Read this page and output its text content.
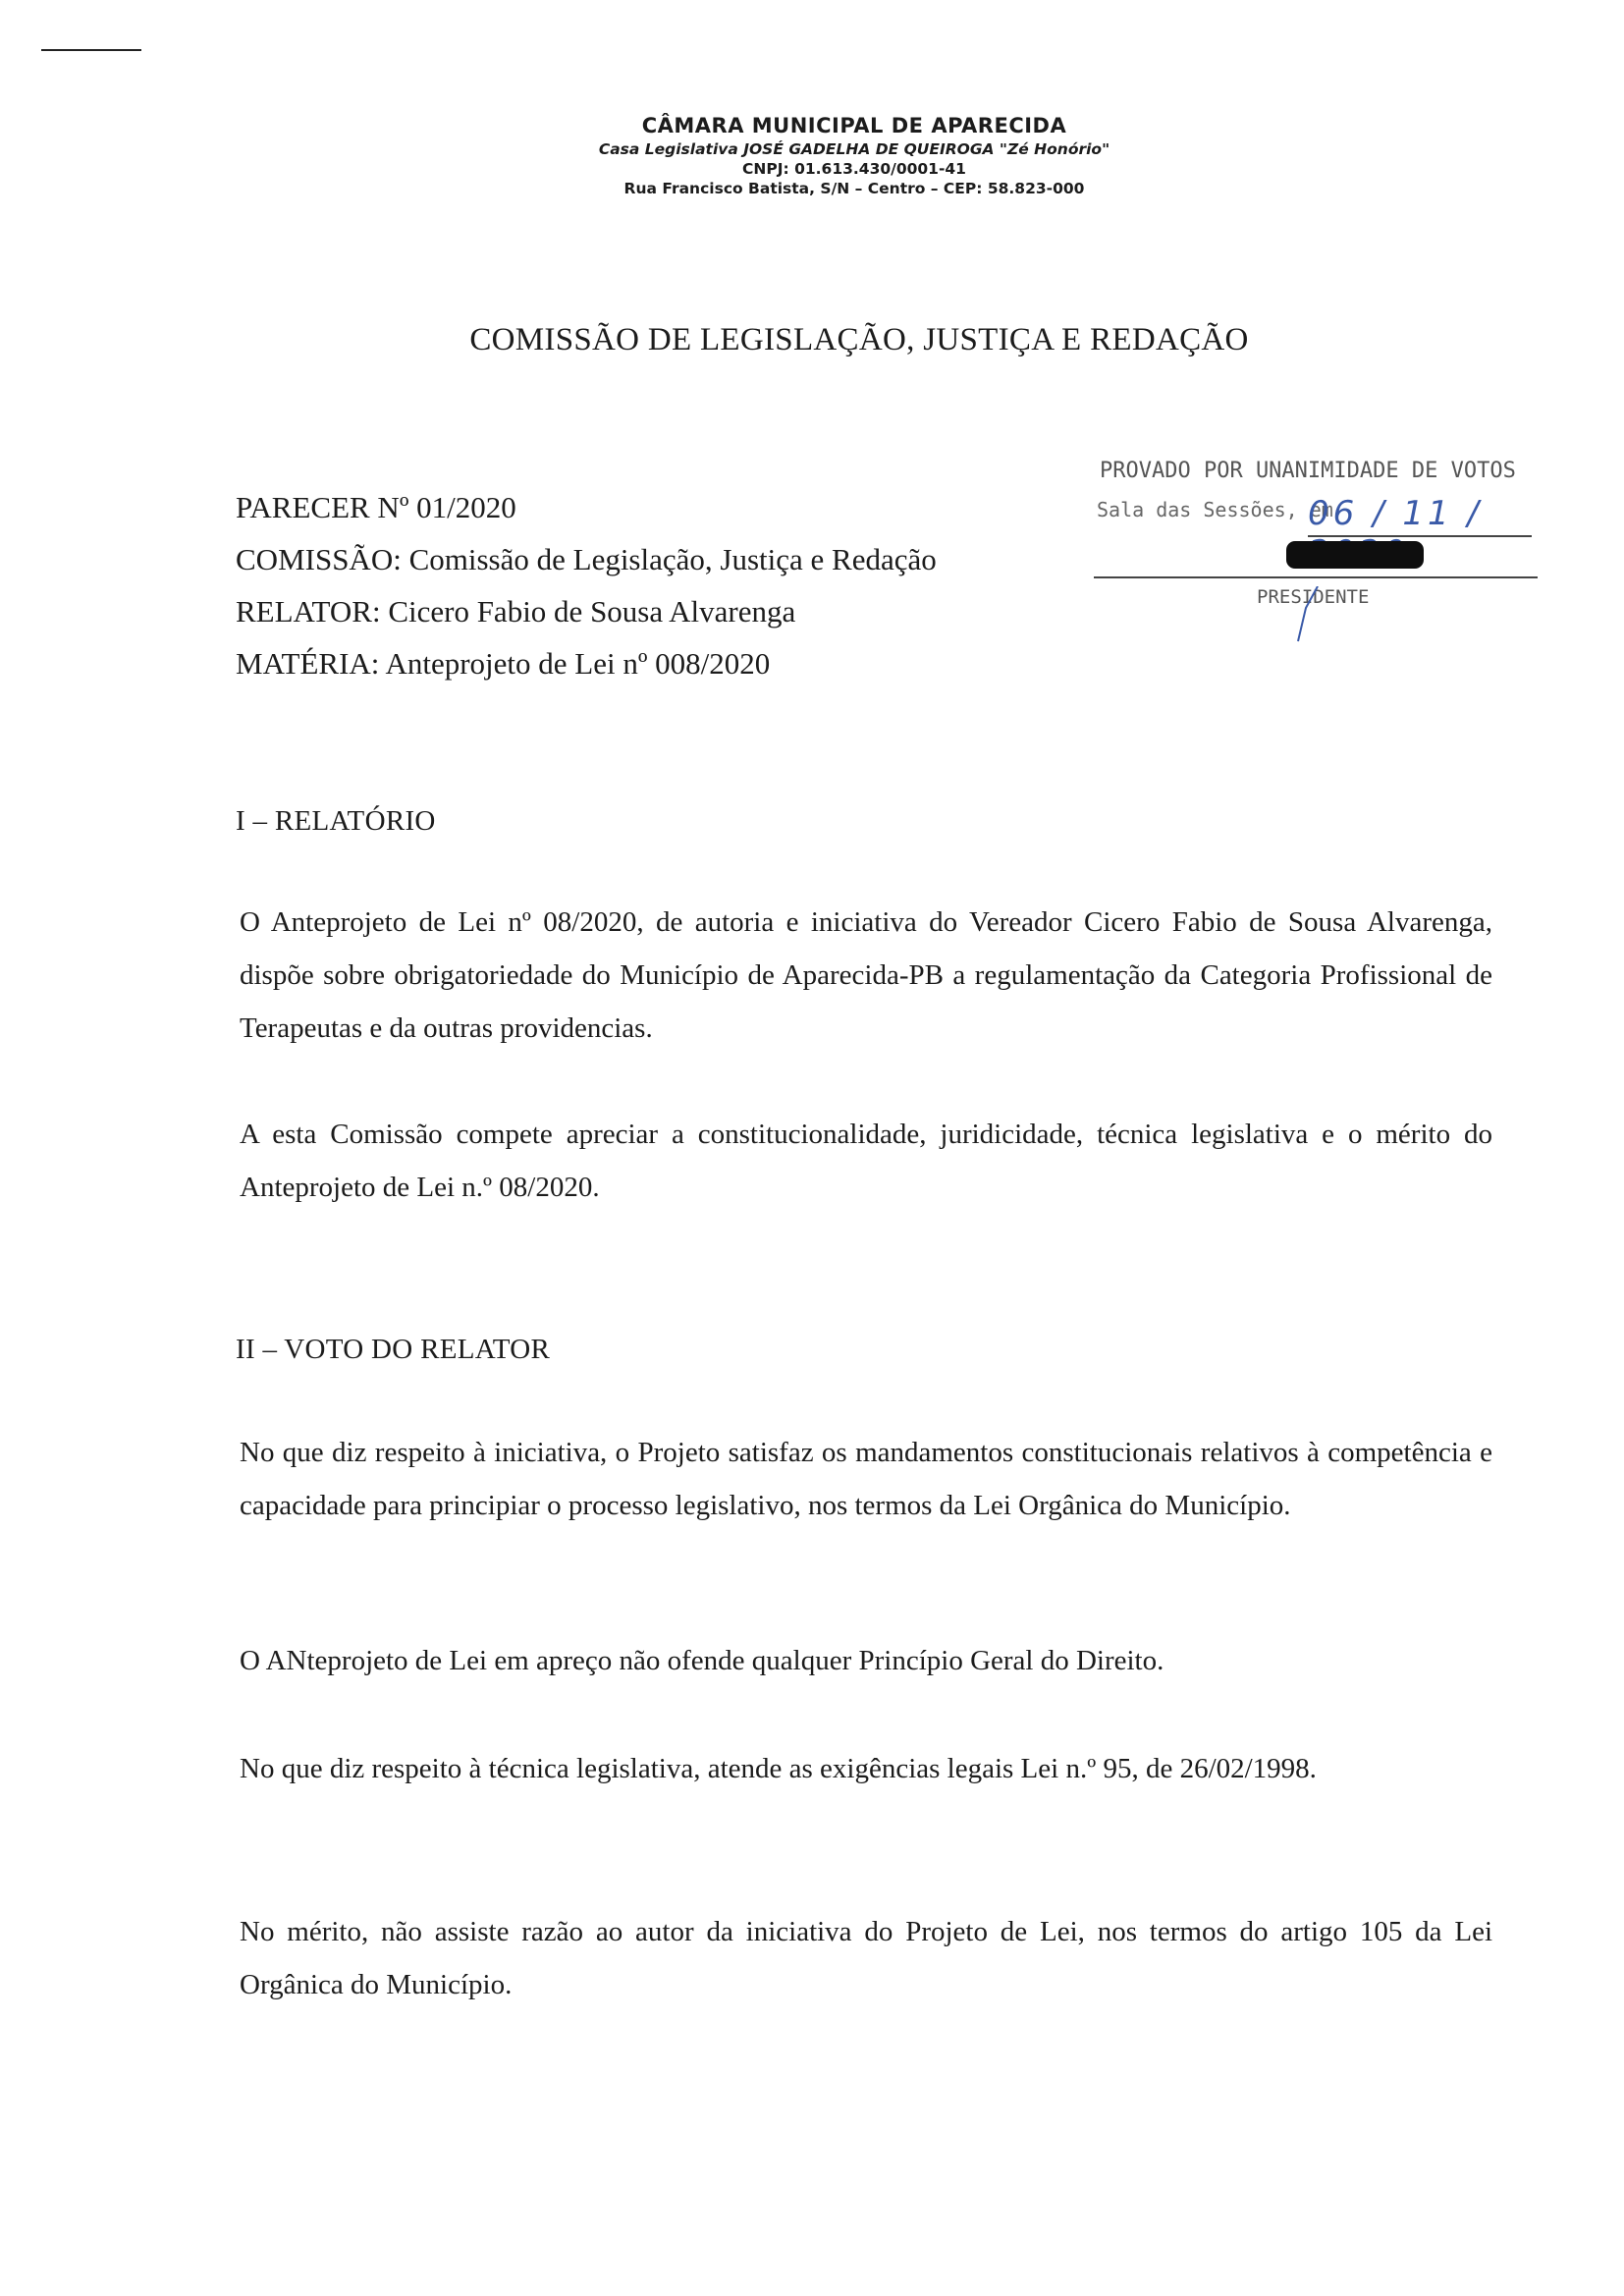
CÂMARA MUNICIPAL DE APARECIDA
Casa Legislativa JOSÉ GADELHA DE QUEIROGA "Zé Honório"
CNPJ: 01.613.430/0001-41
Rua Francisco Batista, S/N – Centro – CEP: 58.823-000
COMISSÃO DE LEGISLAÇÃO, JUSTIÇA E REDAÇÃO
PARECER Nº 01/2020
COMISSÃO: Comissão de Legislação, Justiça e Redação
RELATOR: Cicero Fabio de Sousa Alvarenga
MATÉRIA: Anteprojeto de Lei nº 008/2020
PROVADO POR UNANIMIDADE DE VOTOS
Sala das Sessões, em
06 / 11 /
PRESIDENTE
I – RELATÓRIO
O Anteprojeto de Lei nº 08/2020, de autoria e iniciativa do Vereador Cicero Fabio de Sousa Alvarenga, dispõe sobre obrigatoriedade do Município de Aparecida-PB a regulamentação da Categoria Profissional de Terapeutas e da outras providencias.
A esta Comissão compete apreciar a constitucionalidade, juridicidade, técnica legislativa e o mérito do Anteprojeto de Lei n.º 08/2020.
II – VOTO DO RELATOR
No que diz respeito à iniciativa, o Projeto satisfaz os mandamentos constitucionais relativos à competência e capacidade para principiar o processo legislativo, nos termos da Lei Orgânica do Município.
O ANteprojeto de Lei em apreço não ofende qualquer Princípio Geral do Direito.
No que diz respeito à técnica legislativa, atende as exigências legais Lei n.º 95, de 26/02/1998.
No mérito, não assiste razão ao autor da iniciativa do Projeto de Lei, nos termos do artigo 105 da Lei Orgânica do Município.
